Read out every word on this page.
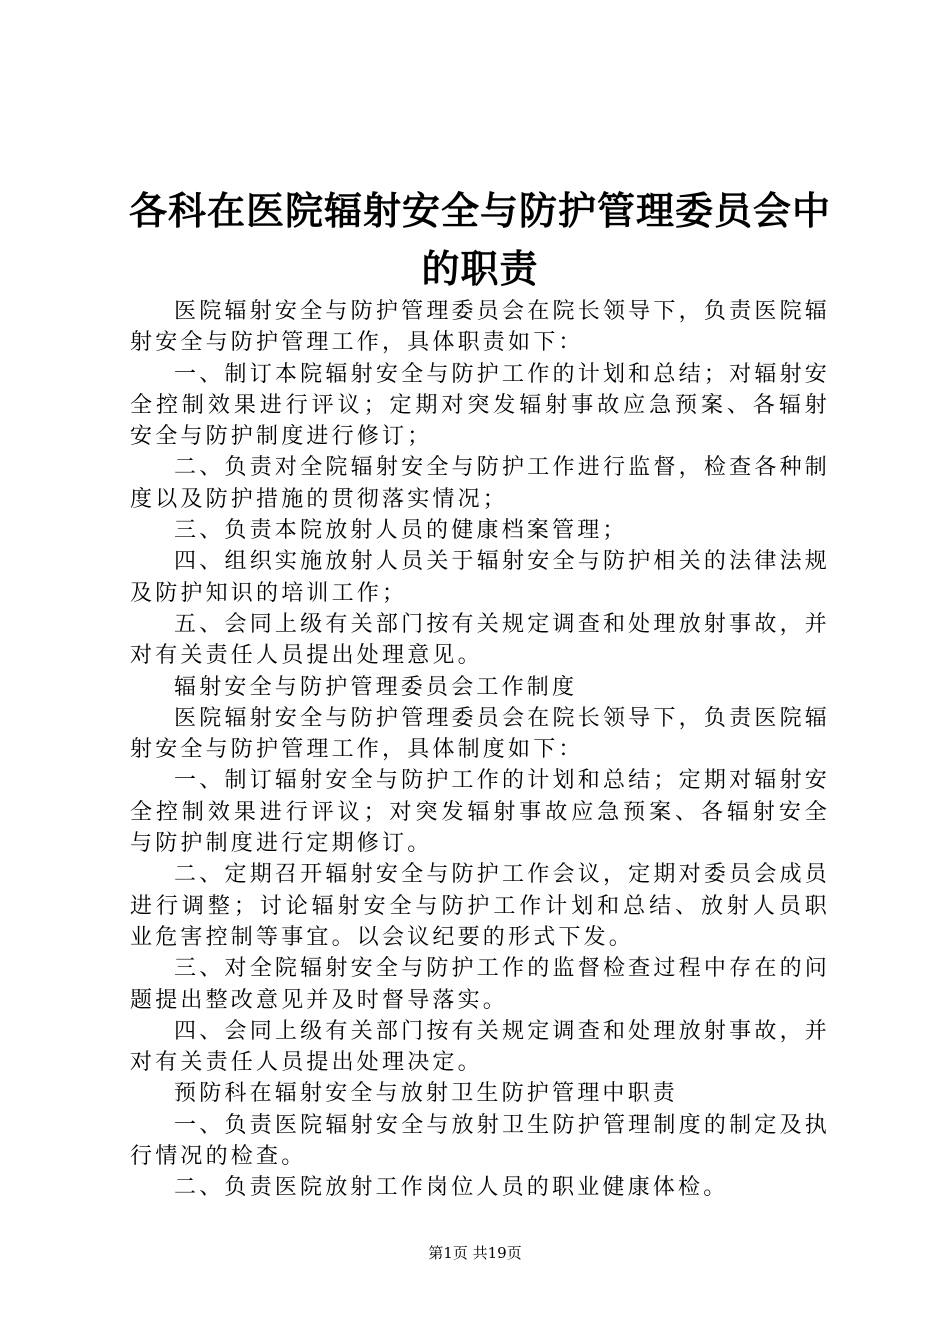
各科在医院辐射安全与防护管理委员会中的职责

医院辐射安全与防护管理委员会在院长领导下，负责医院辐射安全与防护管理工作，具体职责如下：

一、制订本院辐射安全与防护工作的计划和总结；对辐射安全控制效果进行评议；定期对突发辐射事故应急预案、各辐射安全与防护制度进行修订；

二、负责对全院辐射安全与防护工作进行监督，检查各种制度以及防护措施的贯彻落实情况；

三、负责本院放射人员的健康档案管理；

四、组织实施放射人员关于辐射安全与防护相关的法律法规及防护知识的培训工作；

五、会同上级有关部门按有关规定调查和处理放射事故，并对有关责任人员提出处理意见。

辐射安全与防护管理委员会工作制度

医院辐射安全与防护管理委员会在院长领导下，负责医院辐射安全与防护管理工作，具体制度如下：

一、制订辐射安全与防护工作的计划和总结；定期对辐射安全控制效果进行评议；对突发辐射事故应急预案、各辐射安全与防护制度进行定期修订。

二、定期召开辐射安全与防护工作会议，定期对委员会成员进行调整；讨论辐射安全与防护工作计划和总结、放射人员职业危害控制等事宜。以会议纪要的形式下发。

三、对全院辐射安全与防护工作的监督检查过程中存在的问题提出整改意见并及时督导落实。

四、会同上级有关部门按有关规定调查和处理放射事故，并对有关责任人员提出处理决定。

预防科在辐射安全与放射卫生防护管理中职责

一、负责医院辐射安全与放射卫生防护管理制度的制定及执行情况的检查。

二、负责医院放射工作岗位人员的职业健康体检。

第1页 共19页
